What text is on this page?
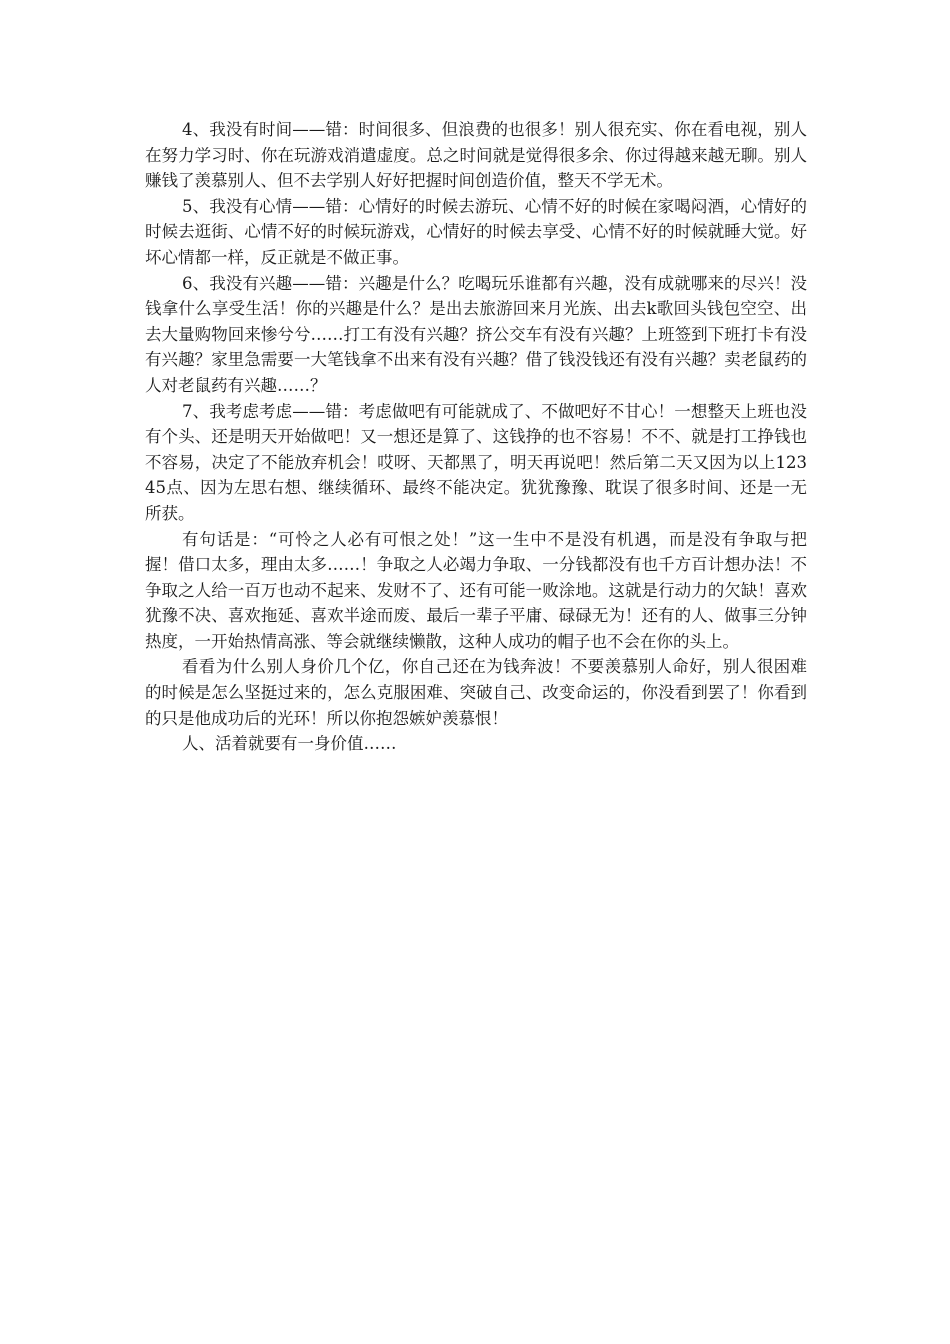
4、我没有时间——错：时间很多、但浪费的也很多！别人很充实、你在看电视，别人在努力学习时、你在玩游戏消遣虚度。总之时间就是觉得很多余、你过得越来越无聊。别人赚钱了羡慕别人、但不去学别人好好把握时间创造价值，整天不学无术。

5、我没有心情——错：心情好的时候去游玩、心情不好的时候在家喝闷酒，心情好的时候去逛街、心情不好的时候玩游戏，心情好的时候去享受、心情不好的时候就睡大觉。好坏心情都一样，反正就是不做正事。

6、我没有兴趣——错：兴趣是什么？吃喝玩乐谁都有兴趣，没有成就哪来的尽兴！没钱拿什么享受生活！你的兴趣是什么？是出去旅游回来月光族、出去k歌回头钱包空空、出去大量购物回来惨兮兮……打工有没有兴趣？挤公交车有没有兴趣？上班签到下班打卡有没有兴趣？家里急需要一大笔钱拿不出来有没有兴趣？借了钱没钱还有没有兴趣？卖老鼠药的人对老鼠药有兴趣……？

7、我考虑考虑——错：考虑做吧有可能就成了、不做吧好不甘心！一想整天上班也没有个头、还是明天开始做吧！又一想还是算了、这钱挣的也不容易！不不、就是打工挣钱也不容易，决定了不能放弃机会！哎呀、天都黑了，明天再说吧！然后第二天又因为以上12345点、因为左思右想、继续循环、最终不能决定。犹犹豫豫、耽误了很多时间、还是一无所获。

有句话是：“可怜之人必有可恨之处！”这一生中不是没有机遇，而是没有争取与把握！借口太多，理由太多……！争取之人必竭力争取、一分钱都没有也千方百计想办法！不争取之人给一百万也动不起来、发财不了、还有可能一败涂地。这就是行动力的欠缺！喜欢犹豫不决、喜欢拖延、喜欢半途而废、最后一辈子平庸、碌碌无为！还有的人、做事三分钟热度，一开始热情高涨、等会就继续懒散，这种人成功的帽子也不会在你的头上。

看看为什么别人身价几个亿，你自己还在为钱奔波！不要羡慕别人命好，别人很困难的时候是怎么坚挺过来的，怎么克服困难、突破自己、改变命运的，你没看到罢了！你看到的只是他成功后的光环！所以你抱怨嫉妒羡慕恨！

人、活着就要有一身价值……
